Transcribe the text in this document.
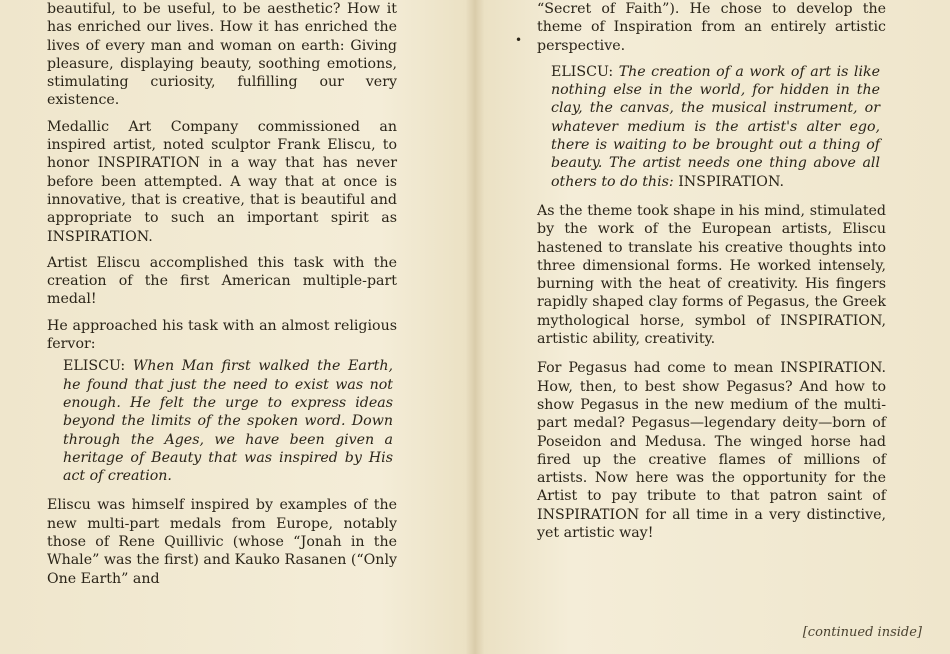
beautiful, to be useful, to be aesthetic? How it has enriched our lives. How it has enriched the lives of every man and woman on earth: Giving pleasure, displaying beauty, soothing emotions, stimulating curiosity, fulfilling our very existence.

Medallic Art Company commissioned an inspired artist, noted sculptor Frank Eliscu, to honor INSPIRATION in a way that has never before been attempted. A way that at once is innovative, that is creative, that is beautiful and appropriate to such an important spirit as INSPIRATION.

Artist Eliscu accomplished this task with the creation of the first American multiple-part medal!

He approached his task with an almost religious fervor:

ELISCU: When Man first walked the Earth, he found that just the need to exist was not enough. He felt the urge to express ideas beyond the limits of the spoken word. Down through the Ages, we have been given a heritage of Beauty that was inspired by His act of creation.

Eliscu was himself inspired by examples of the new multi-part medals from Europe, notably those of Rene Quillivic (whose “Jonah in the Whale” was the first) and Kauko Rasanen (“Only One Earth” and

•

“Secret of Faith”). He chose to develop the theme of Inspiration from an entirely artistic perspective.

ELISCU: The creation of a work of art is like nothing else in the world, for hidden in the clay, the canvas, the musical instrument, or whatever medium is the artist's alter ego, there is waiting to be brought out a thing of beauty. The artist needs one thing above all others to do this: INSPIRATION.

As the theme took shape in his mind, stimulated by the work of the European artists, Eliscu hastened to translate his creative thoughts into three dimensional forms. He worked intensely, burning with the heat of creativity. His fingers rapidly shaped clay forms of Pegasus, the Greek mythological horse, symbol of INSPIRATION, artistic ability, creativity.

For Pegasus had come to mean INSPIRATION. How, then, to best show Pegasus? And how to show Pegasus in the new medium of the multi-part medal? Pegasus—legendary deity—born of Poseidon and Medusa. The winged horse had fired up the creative flames of millions of artists. Now here was the opportunity for the Artist to pay tribute to that patron saint of INSPIRATION for all time in a very distinctive, yet artistic way!

[continued inside]
